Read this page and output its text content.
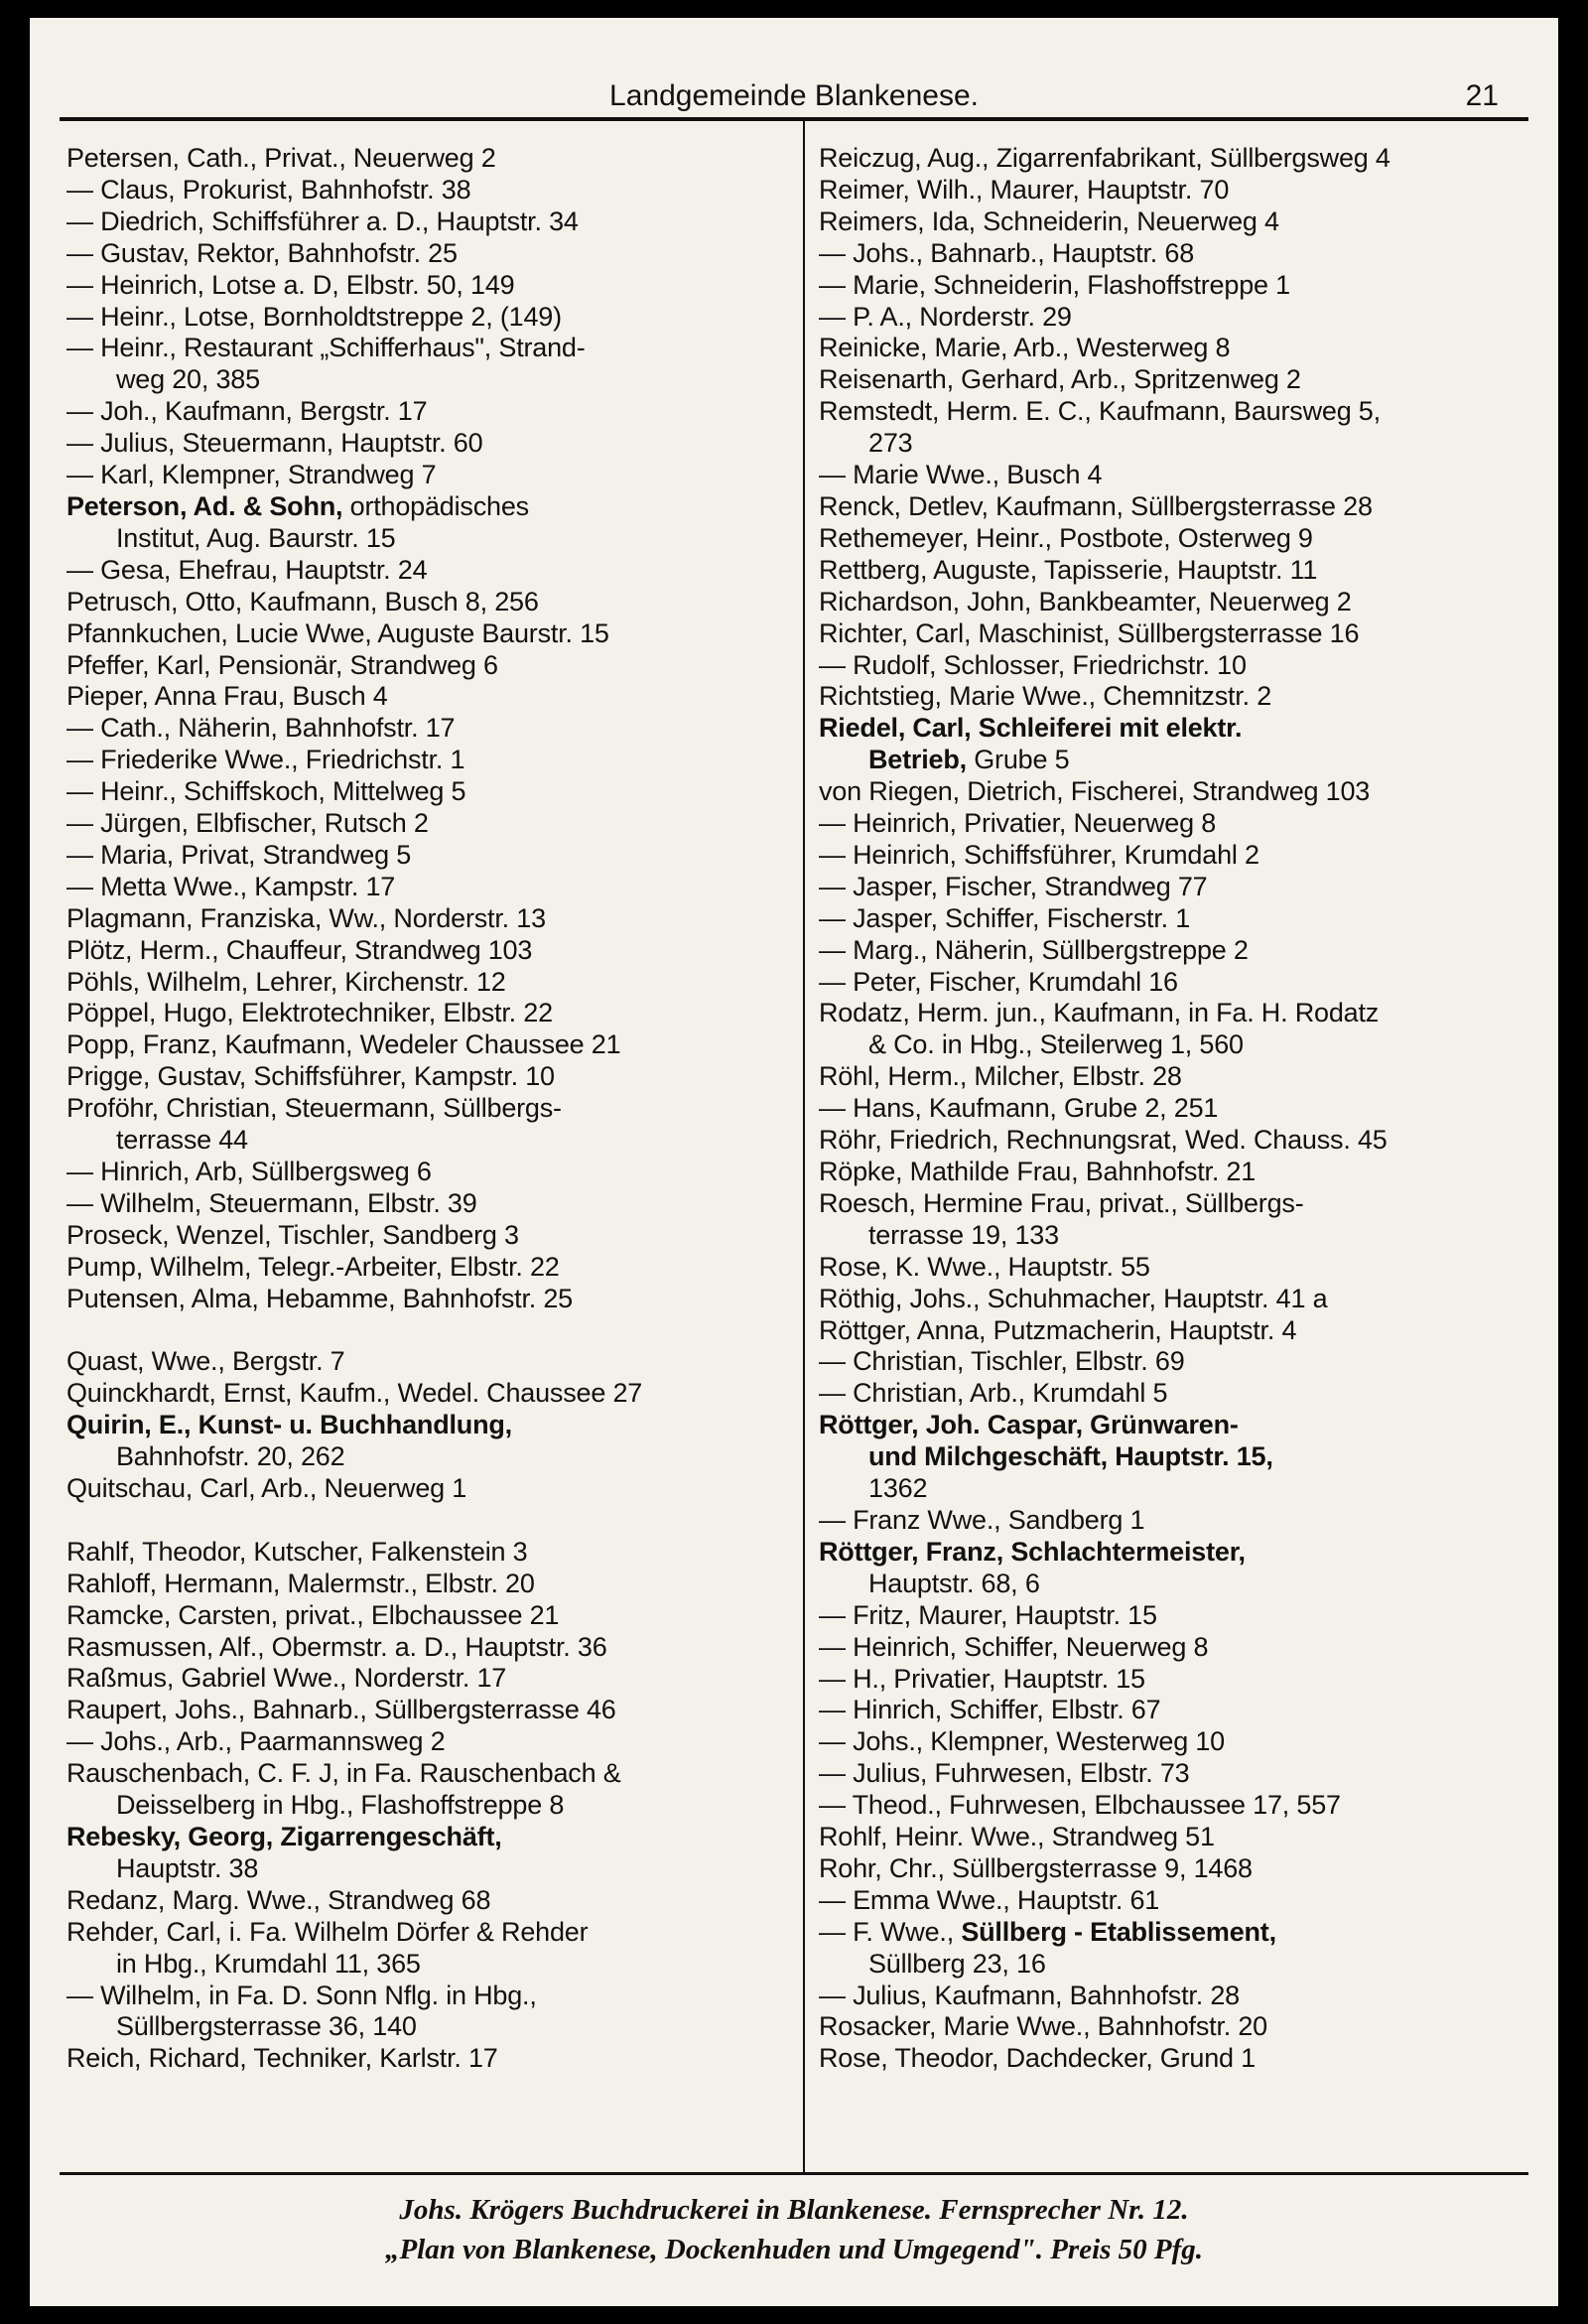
Landgemeinde Blankenese.	21
Petersen, Cath., Privat., Neuerweg 2
— Claus, Prokurist, Bahnhofstr. 38
— Diedrich, Schiffsführer a. D., Hauptstr. 34
— Gustav, Rektor, Bahnhofstr. 25
— Heinrich, Lotse a. D, Elbstr. 50, 149
— Heinr., Lotse, Bornholdtstreppe 2, (149)
— Heinr., Restaurant „Schifferhaus", Strand-
weg 20, 385
— Joh., Kaufmann, Bergstr. 17
— Julius, Steuermann, Hauptstr. 60
— Karl, Klempner, Strandweg 7
Peterson, Ad. & Sohn, orthopädisches
Institut, Aug. Baurstr. 15
— Gesa, Ehefrau, Hauptstr. 24
Petrusch, Otto, Kaufmann, Busch 8, 256
Pfannkuchen, Lucie Wwe, Auguste Baurstr. 15
Pfeffer, Karl, Pensionär, Strandweg 6
Pieper, Anna Frau, Busch 4
— Cath., Näherin, Bahnhofstr. 17
— Friederike Wwe., Friedrichstr. 1
— Heinr., Schiffskoch, Mittelweg 5
— Jürgen, Elbfischer, Rutsch 2
— Maria, Privat, Strandweg 5
— Metta Wwe., Kampstr. 17
Plagmann, Franziska, Ww., Norderstr. 13
Plötz, Herm., Chauffeur, Strandweg 103
Pöhls, Wilhelm, Lehrer, Kirchenstr. 12
Pöppel, Hugo, Elektrotechniker, Elbstr. 22
Popp, Franz, Kaufmann, Wedeler Chaussee 21
Prigge, Gustav, Schiffsführer, Kampstr. 10
Proföhr, Christian, Steuermann, Süllbergs-
terrasse 44
— Hinrich, Arb, Süllbergsweg 6
— Wilhelm, Steuermann, Elbstr. 39
Proseck, Wenzel, Tischler, Sandberg 3
Pump, Wilhelm, Telegr.-Arbeiter, Elbstr. 22
Putensen, Alma, Hebamme, Bahnhofstr. 25
Quast, Wwe., Bergstr. 7
Quinckhardt, Ernst, Kaufm., Wedel. Chaussee 27
Quirin, E., Kunst- u. Buchhandlung,
Bahnhofstr. 20, 262
Quitschau, Carl, Arb., Neuerweg 1
Rahlf, Theodor, Kutscher, Falkenstein 3
Rahloff, Hermann, Malermstr., Elbstr. 20
Ramcke, Carsten, privat., Elbchaussee 21
Rasmussen, Alf., Obermstr. a. D., Hauptstr. 36
Raßmus, Gabriel Wwe., Norderstr. 17
Raupert, Johs., Bahnarb., Süllbergsterrasse 46
— Johs., Arb., Paarmannsweg 2
Rauschenbach, C. F. J, in Fa. Rauschenbach &
Deisselberg in Hbg., Flashoffstreppe 8
Rebesky, Georg, Zigarrengeschäft,
Hauptstr. 38
Redanz, Marg. Wwe., Strandweg 68
Rehder, Carl, i. Fa. Wilhelm Dörfer & Rehder
in Hbg., Krumdahl 11, 365
— Wilhelm, in Fa. D. Sonn Nflg. in Hbg.,
Süllbergsterrasse 36, 140
Reich, Richard, Techniker, Karlstr. 17
Reiczug, Aug., Zigarrenfabrikant, Süllbergsweg 4
Reimer, Wilh., Maurer, Hauptstr. 70
Reimers, Ida, Schneiderin, Neuerweg 4
— Johs., Bahnarb., Hauptstr. 68
— Marie, Schneiderin, Flashoffstreppe 1
— P. A., Norderstr. 29
Reinicke, Marie, Arb., Westerweg 8
Reisenarth, Gerhard, Arb., Spritzenweg 2
Remstedt, Herm. E. C., Kaufmann, Baursweg 5,
273
— Marie Wwe., Busch 4
Renck, Detlev, Kaufmann, Süllbergsterrasse 28
Rethemeyer, Heinr., Postbote, Osterweg 9
Rettberg, Auguste, Tapisserie, Hauptstr. 11
Richardson, John, Bankbeamter, Neuerweg 2
Richter, Carl, Maschinist, Süllbergsterrasse 16
— Rudolf, Schlosser, Friedrichstr. 10
Richtstieg, Marie Wwe., Chemnitzstr. 2
Riedel, Carl, Schleiferei mit elektr.
Betrieb, Grube 5
von Riegen, Dietrich, Fischerei, Strandweg 103
— Heinrich, Privatier, Neuerweg 8
— Heinrich, Schiffsführer, Krumdahl 2
— Jasper, Fischer, Strandweg 77
— Jasper, Schiffer, Fischerstr. 1
— Marg., Näherin, Süllbergstreppe 2
— Peter, Fischer, Krumdahl 16
Rodatz, Herm. jun., Kaufmann, in Fa. H. Rodatz
& Co. in Hbg., Steilerweg 1, 560
Röhl, Herm., Milcher, Elbstr. 28
— Hans, Kaufmann, Grube 2, 251
Röhr, Friedrich, Rechnungsrat, Wed. Chauss. 45
Röpke, Mathilde Frau, Bahnhofstr. 21
Roesch, Hermine Frau, privat., Süllbergs-
terrasse 19, 133
Rose, K. Wwe., Hauptstr. 55
Röthig, Johs., Schuhmacher, Hauptstr. 41 a
Röttger, Anna, Putzmacherin, Hauptstr. 4
— Christian, Tischler, Elbstr. 69
— Christian, Arb., Krumdahl 5
Röttger, Joh. Caspar, Grünwaren-
und Milchgeschäft, Hauptstr. 15,
1362
— Franz Wwe., Sandberg 1
Röttger, Franz, Schlachtermeister,
Hauptstr. 68, 6
— Fritz, Maurer, Hauptstr. 15
— Heinrich, Schiffer, Neuerweg 8
— H., Privatier, Hauptstr. 15
— Hinrich, Schiffer, Elbstr. 67
— Johs., Klempner, Westerweg 10
— Julius, Fuhrwesen, Elbstr. 73
— Theod., Fuhrwesen, Elbchaussee 17, 557
Rohlf, Heinr. Wwe., Strandweg 51
Rohr, Chr., Süllbergsterrasse 9, 1468
— Emma Wwe., Hauptstr. 61
— F. Wwe., Süllberg - Etablissement,
Süllberg 23, 16
— Julius, Kaufmann, Bahnhofstr. 28
Rosacker, Marie Wwe., Bahnhofstr. 20
Rose, Theodor, Dachdecker, Grund 1
Johs. Krögers Buchdruckerei in Blankenese. Fernsprecher Nr. 12.
„Plan von Blankenese, Dockenhuden und Umgegend". Preis 50 Pfg.
